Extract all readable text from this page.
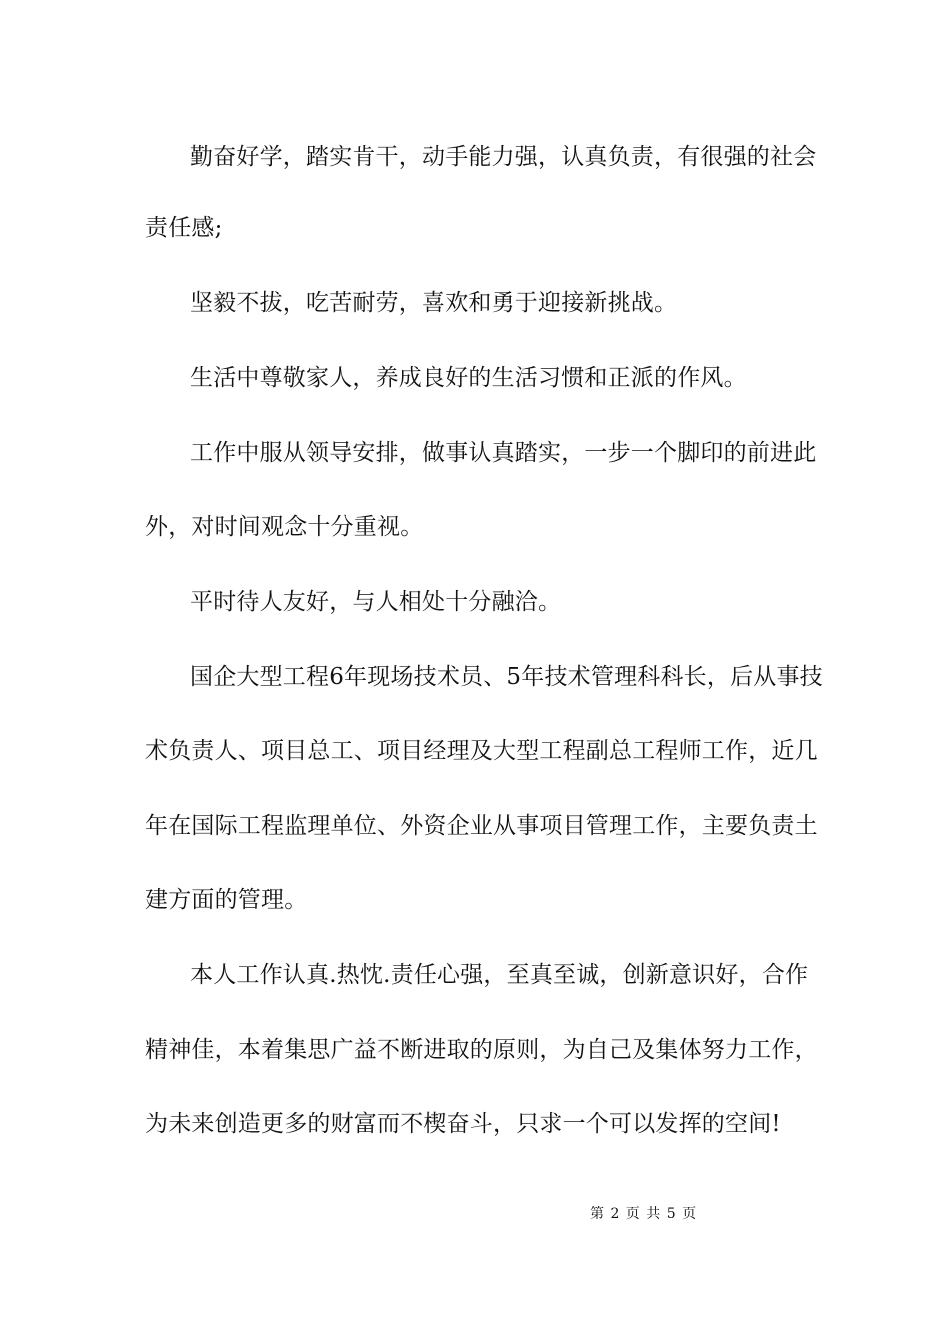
勤奋好学，踏实肯干，动手能力强，认真负责，有很强的社会
责任感;
坚毅不拔，吃苦耐劳，喜欢和勇于迎接新挑战。
生活中尊敬家人，养成良好的生活习惯和正派的作风。
工作中服从领导安排，做事认真踏实，一步一个脚印的前进此
外，对时间观念十分重视。
平时待人友好，与人相处十分融洽。
国企大型工程6年现场技术员、5年技术管理科科长，后从事技
术负责人、项目总工、项目经理及大型工程副总工程师工作，近几
年在国际工程监理单位、外资企业从事项目管理工作，主要负责土
建方面的管理。
本人工作认真.热忱.责任心强，至真至诚，创新意识好，合作
精神佳，本着集思广益不断进取的原则，为自己及集体努力工作，
为未来创造更多的财富而不楔奋斗，只求一个可以发挥的空间!
第 2 页 共 5 页
